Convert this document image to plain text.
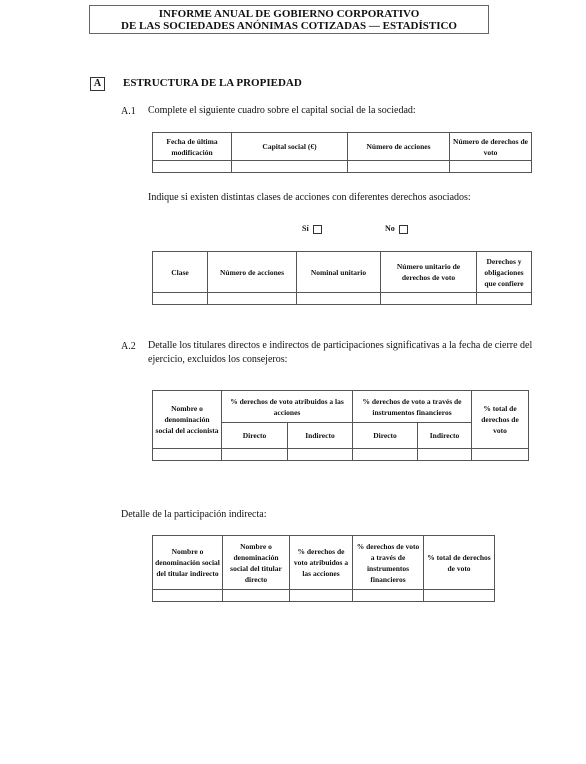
INFORME ANUAL DE GOBIERNO CORPORATIVO
DE LAS SOCIEDADES ANÓNIMAS COTIZADAS — ESTADÍSTICO
A ESTRUCTURA DE LA PROPIEDAD
A.1 Complete el siguiente cuadro sobre el capital social de la sociedad:
Fecha de última modificación	Capital social (€)	Número de acciones	Número de derechos de voto

Indique si existen distintas clases de acciones con diferentes derechos asociados:
Sí	No
Clase	Número de acciones	Nominal unitario	Número unitario de derechos de voto	Derechos y obligaciones que confiere

A.2 Detalle los titulares directos e indirectos de participaciones significativas a la fecha de cierre del ejercicio, excluidos los consejeros:
Nombre o denominación social del accionista	% derechos de voto atribuidos a las acciones		% derechos de voto a través de instrumentos financieros		% total de derechos de voto
	Directo	Indirecto	Directo	Indirecto	

Detalle de la participación indirecta:
Nombre o denominación social del titular indirecto	Nombre o denominación social del titular directo	% derechos de voto atribuidos a las acciones	% derechos de voto a través de instrumentos financieros	% total de derechos de voto
